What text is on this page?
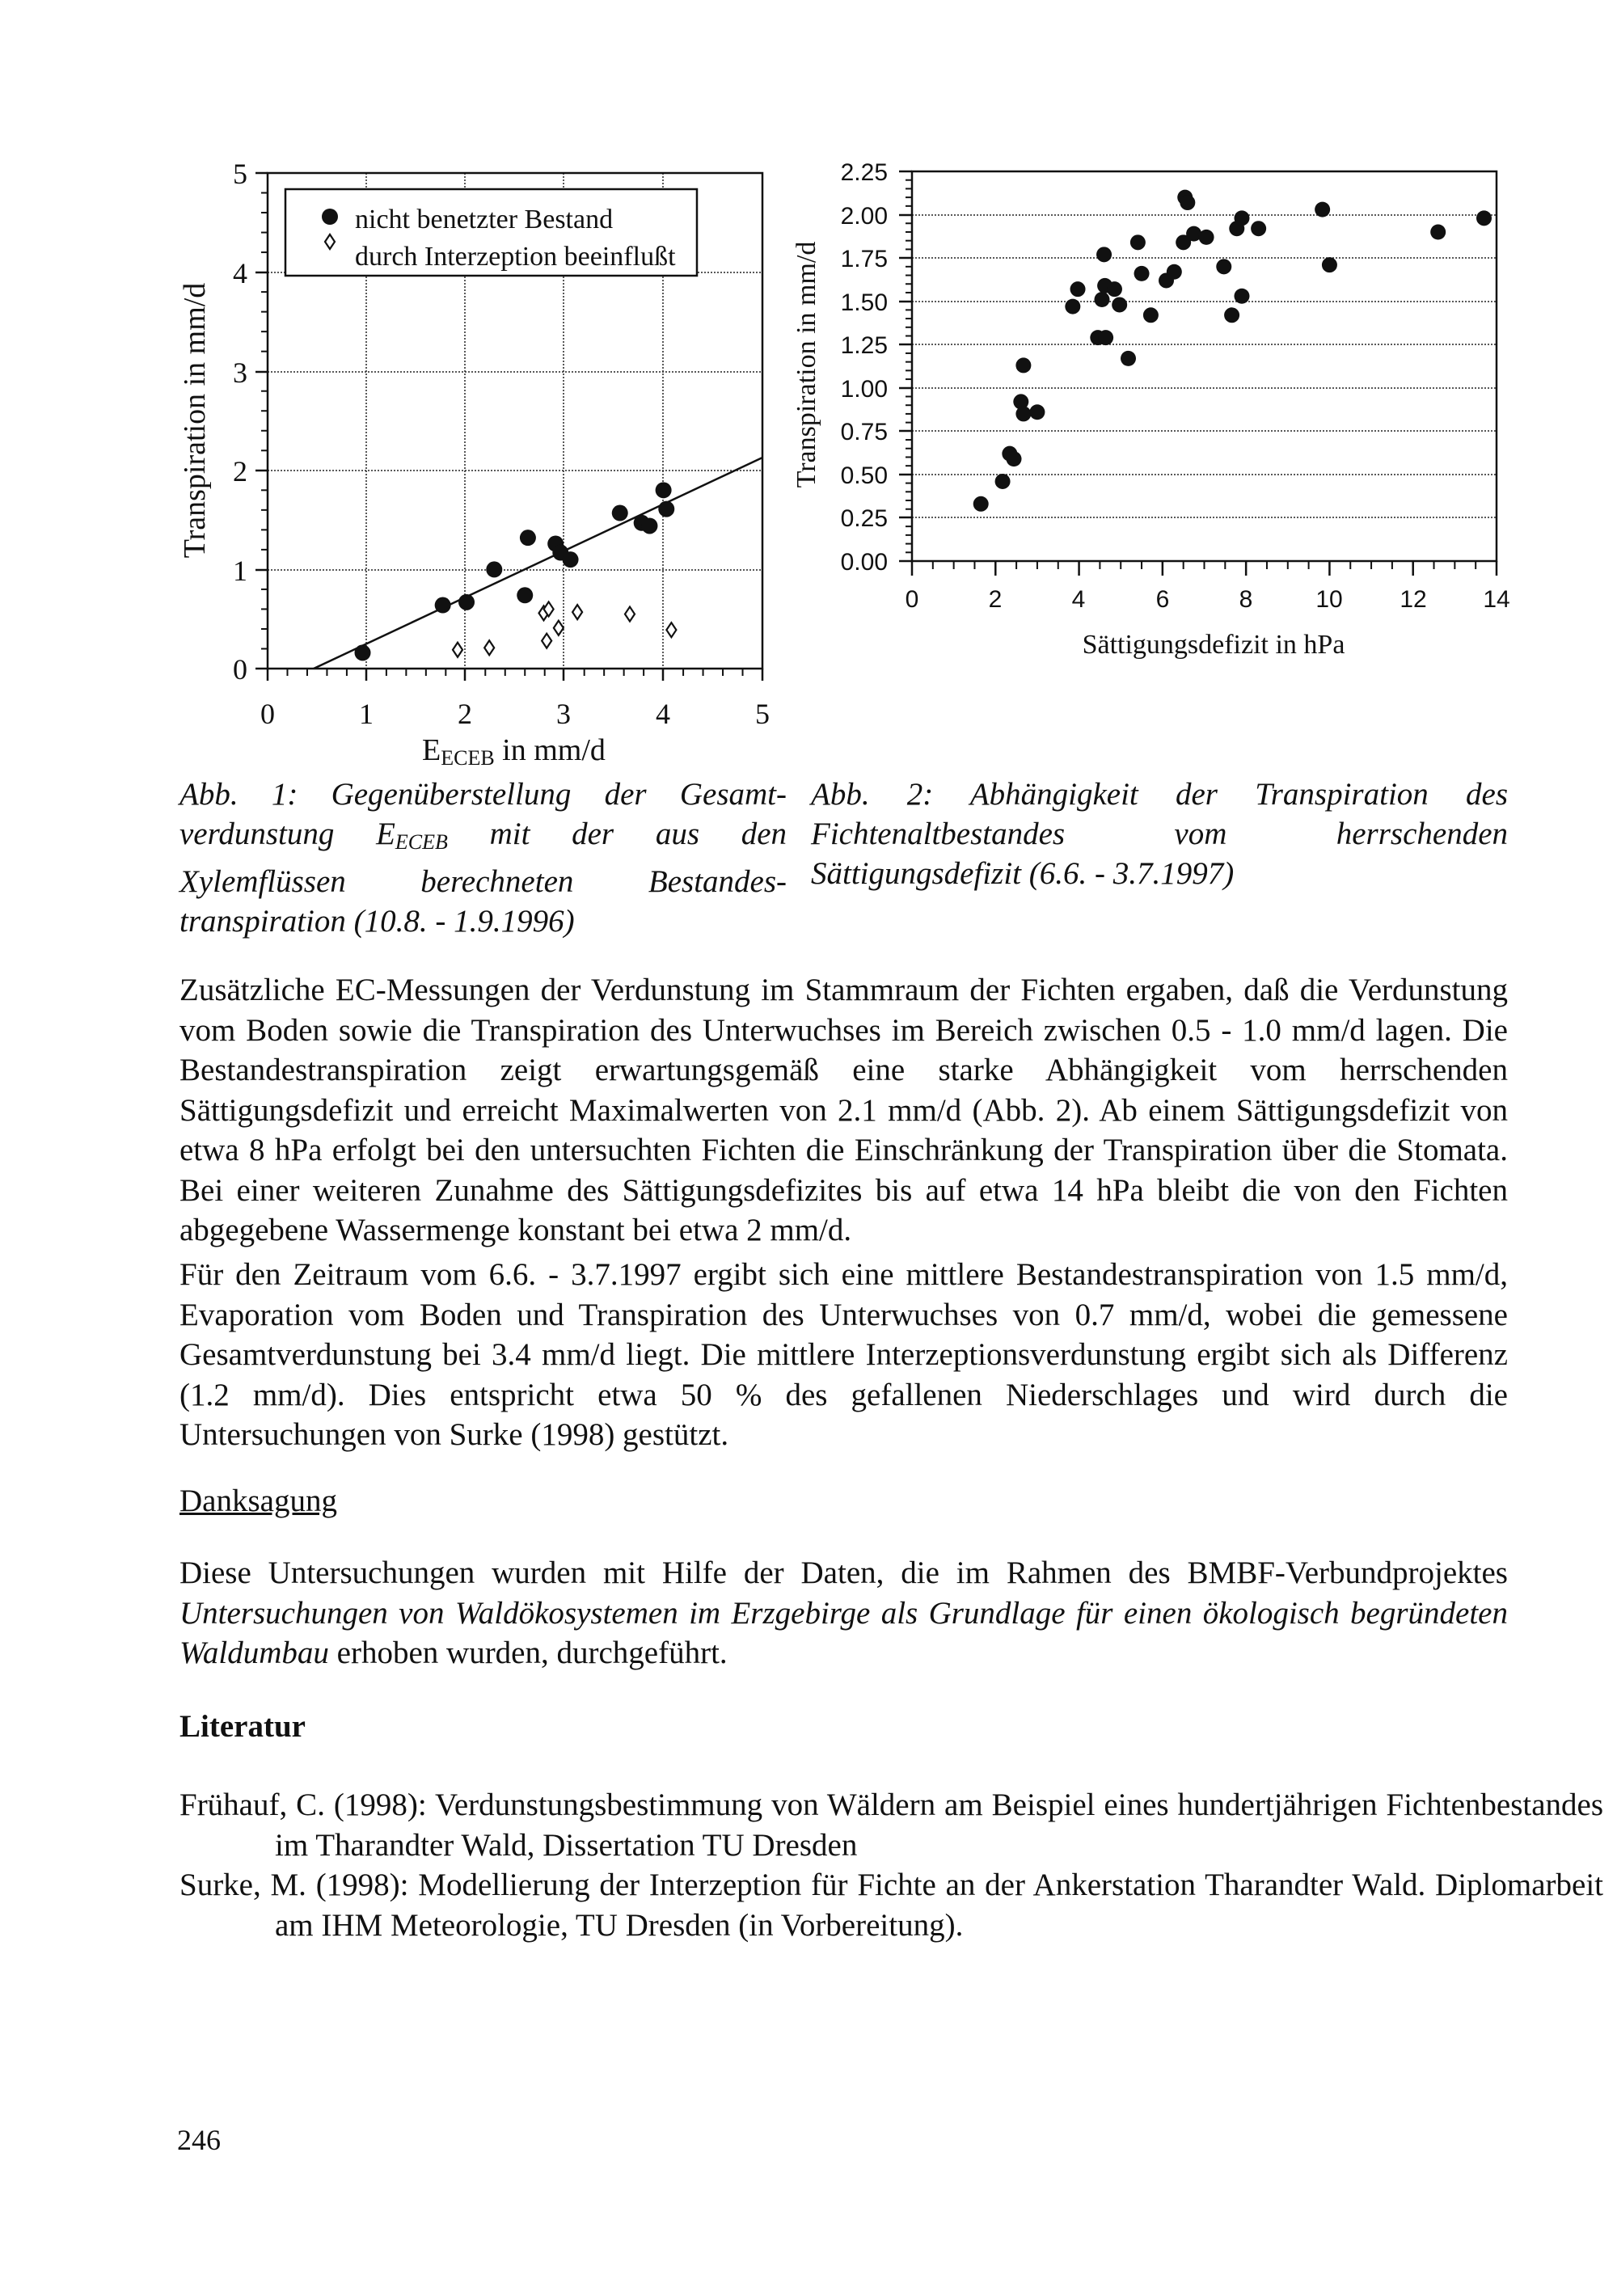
0
1
2
3
4
5
0	1	2	3	4	5
Transpiration in mm/d
nicht benetzter Bestand
durch Interzeption beeinflußt
$E_{ECEB}$ in mm/d
0.00
0.25
0.50
0.75
1.00
1.25
1.50
1.75
2.00
2.25
0	2	4	6	8	10 12 14
Transpiration in mm/d
Sättigungsdefizit in hPa
Abb. 1: Gegenüberstellung der Gesamt-verdunstung $E_{ECEB}$ mit der aus den Xylemflüssen berechneten Bestandes-transpiration (10.8. - 1.9.1996)
Abb. 2: Abhängigkeit der Transpiration des Fichtenaltbestandes vom herrschenden Sättigungsdefizit (6.6. - 3.7.1997)

Zusätzliche EC-Messungen der Verdunstung im Stammraum der Fichten ergaben, daß die Verdunstung vom Boden sowie die Transpiration des Unterwuchses im Bereich zwischen 0.5 - 1.0 mm/d lagen. Die Bestandestranspiration zeigt erwartungsgemäß eine starke Abhängigkeit vom herrschenden Sättigungsdefizit und erreicht Maximalwerten von 2.1 mm/d (Abb. 2). Ab einem Sättigungsdefizit von etwa 8 hPa erfolgt bei den untersuchten Fichten die Einschränkung der Transpiration über die Stomata. Bei einer weiteren Zunahme des Sättigungsdefizites bis auf etwa 14 hPa bleibt die von den Fichten abgegebene Wassermenge konstant bei etwa 2 mm/d.

Für den Zeitraum vom 6.6. - 3.7.1997 ergibt sich eine mittlere Bestandestranspiration von 1.5 mm/d, Evaporation vom Boden und Transpiration des Unterwuchses von 0.7 mm/d, wobei die gemessene Gesamtverdunstung bei 3.4 mm/d liegt. Die mittlere Interzeptionsverdunstung ergibt sich als Differenz (1.2 mm/d). Dies entspricht etwa 50 % des gefallenen Niederschlages und wird durch die Untersuchungen von Surke (1998) gestützt.

Danksagung

Diese Untersuchungen wurden mit Hilfe der Daten, die im Rahmen des BMBF-Verbundprojektes Untersuchungen von Waldökosystemen im Erzgebirge als Grundlage für einen ökologisch begründeten Waldumbau erhoben wurden, durchgeführt.

Literatur

Frühauf, C. (1998): Verdunstungsbestimmung von Wäldern am Beispiel eines hundertjährigen Fichtenbestandes im Tharandter Wald, Dissertation TU Dresden

Surke, M. (1998): Modellierung der Interzeption für Fichte an der Ankerstation Tharandter Wald. Diplomarbeit am IHM Meteorologie, TU Dresden (in Vorbereitung).

246
